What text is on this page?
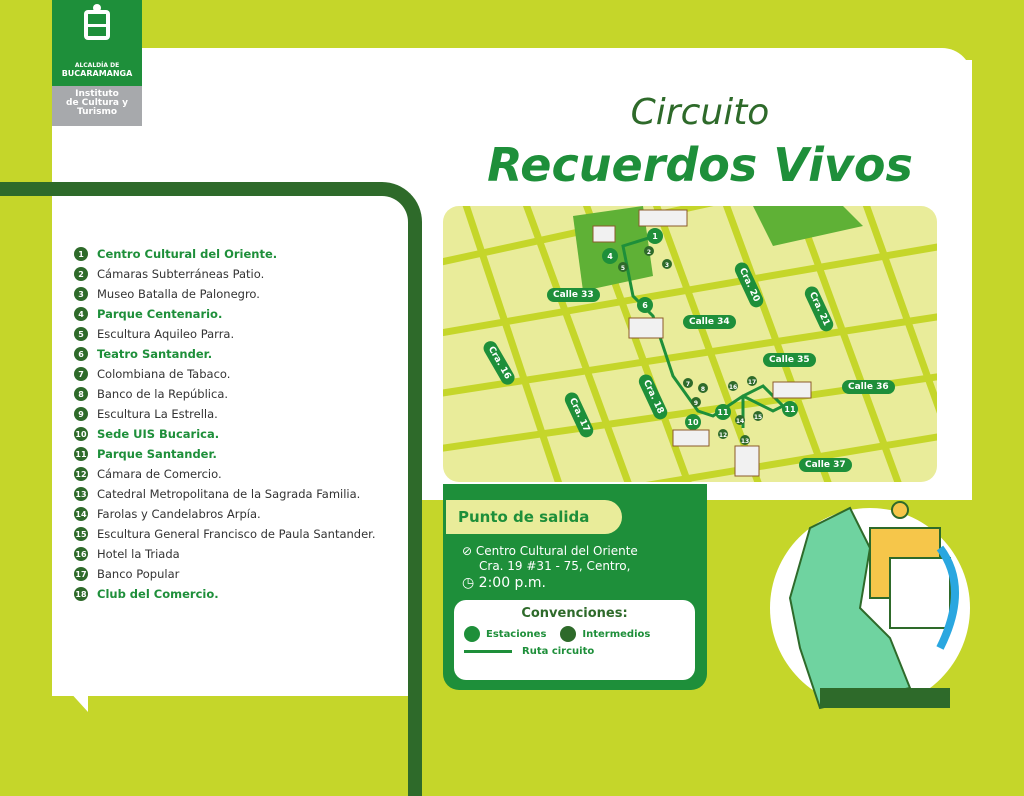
ALCALDÍA DE
BUCARAMANGA
Instituto
de Cultura y
Turismo	Circuito
Recuerdos Vivos
1	Centro Cultural del Oriente.
2	Cámaras Subterráneas Patio.
3	Museo Batalla de Palonegro.
4	Parque Centenario.
5	Escultura Aquileo Parra.
6	Teatro Santander.
7	Colombiana de Tabaco.
8	Banco de la República.
9	Escultura La Estrella.
10 Sede UIS Bucarica.
11 Parque Santander.
12 Cámara de Comercio.
13 Catedral Metropolitana de la Sagrada Familia.
14 Farolas y Candelabros Arpía.
15 Escultura General Francisco de Paula Santander.
16 Hotel la Triada
17 Banco Popular
18 Club del Comercio.
1
2
3
4
5
6
7
8
9
10
11	11
12
13
14
15
16
17
Calle 33
Calle 34
Calle 35
Calle 36
Calle 37
Cra. 16
Cra. 17	Cra. 18
Cra. 20
Cra. 21
Punto de salida
⊘ Centro Cultural del Oriente
Cra. 19 #31 - 75, Centro,
◷ 2:00 p.m.
Convenciones:
Estaciones	Intermedios
Ruta circuito
